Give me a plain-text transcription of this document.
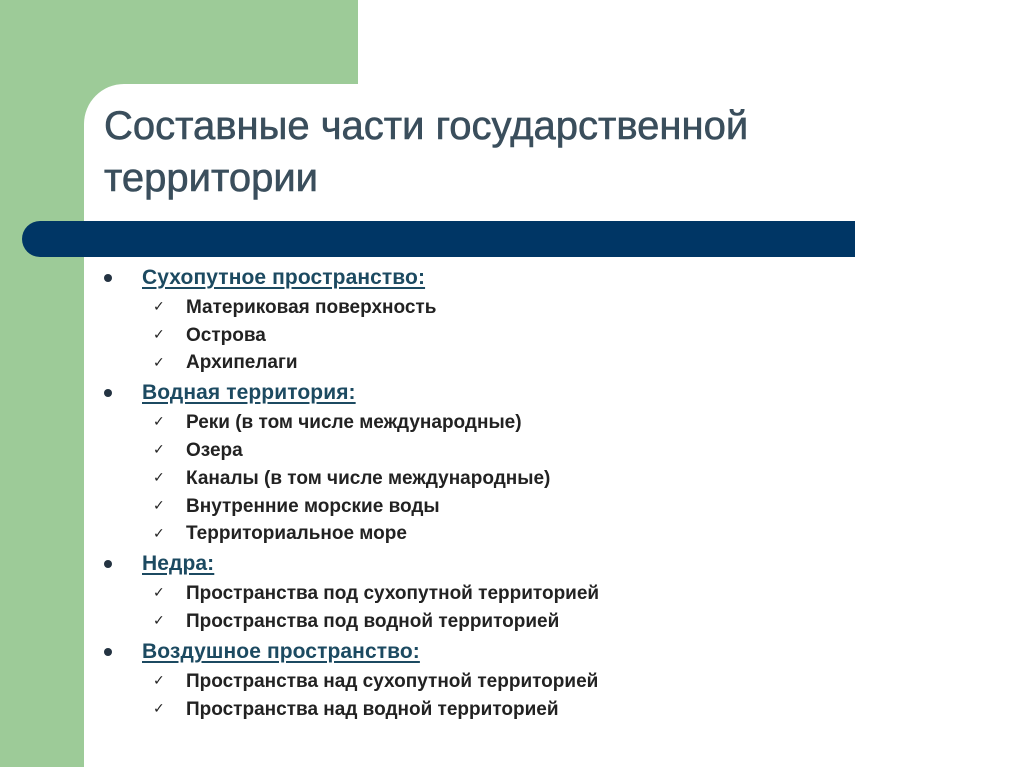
Составные части государственной территории
Сухопутное пространство:
✓ Материковая поверхность
✓ Острова
✓ Архипелаги
Водная территория:
✓ Реки (в том числе международные)
✓ Озера
✓ Каналы (в том числе международные)
✓ Внутренние морские воды
✓ Территориальное море
Недра:
✓ Пространства под сухопутной территорией
✓ Пространства под водной территорией
Воздушное пространство:
✓ Пространства над сухопутной территорией
✓ Пространства над водной территорией
